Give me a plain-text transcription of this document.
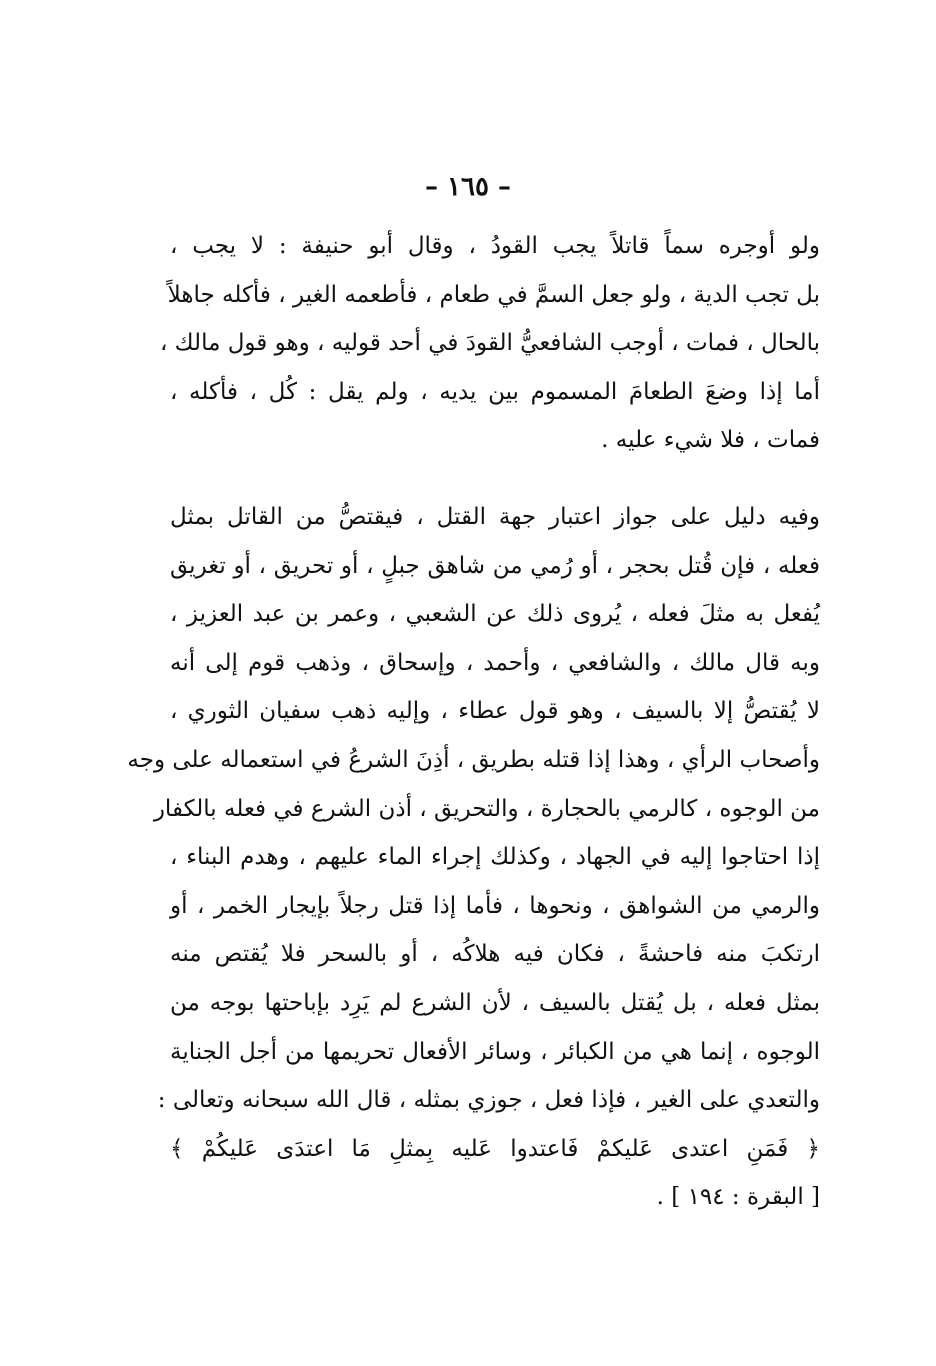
– ١٦٥ –
ولو أوجره سماً قاتلاً يجب القودُ ، وقال أبو حنيفة : لا يجب ،
بل تجب الدية ، ولو جعل السمَّ في طعام ، فأطعمه الغير ، فأكله جاهلاً
بالحال ، فمات ، أوجب الشافعيُّ القودَ في أحد قوليه ، وهو قول مالك ،
أما إذا وضعَ الطعامَ المسموم بين يديه ، ولم يقل : كُل ، فأكله ،
فمات ، فلا شيء عليه .
وفيه دليل على جواز اعتبار جهة القتل ، فيقتصُّ من القاتل بمثل
فعله ، فإن قُتل بحجر ، أو رُمي من شاهق جبلٍ ، أو تحريق ، أو تغريق
يُفعل به مثلَ فعله ، يُروى ذلك عن الشعبي ، وعمر بن عبد العزيز ،
وبه قال مالك ، والشافعي ، وأحمد ، وإسحاق ، وذهب قوم إلى أنه
لا يُقتصُّ إلا بالسيف ، وهو قول عطاء ، وإليه ذهب سفيان الثوري ،
وأصحاب الرأي ، وهذا إذا قتله بطريق ، أذِنَ الشرعُ في استعماله على وجه
من الوجوه ، كالرمي بالحجارة ، والتحريق ، أذن الشرع في فعله بالكفار
إذا احتاجوا إليه في الجهاد ، وكذلك إجراء الماء عليهم ، وهدم البناء ،
والرمي من الشواهق ، ونحوها ، فأما إذا قتل رجلاً بإيجار الخمر ، أو
ارتكبَ منه فاحشةً ، فكان فيه هلاكُه ، أو بالسحر فلا يُقتص منه
بمثل فعله ، بل يُقتل بالسيف ، لأن الشرع لم يَرِد بإباحتها بوجه من
الوجوه ، إنما هي من الكبائر ، وسائر الأفعال تحريمها من أجل الجناية
والتعدي على الغير ، فإذا فعل ، جوزي بمثله ، قال الله سبحانه وتعالى :
﴿ فَمَنِ اعتدى عَليكمْ فَاعتدوا عَليه بِمثلِ مَا اعتدَى عَليكُمْ ﴾
[ البقرة : ١٩٤ ] .
